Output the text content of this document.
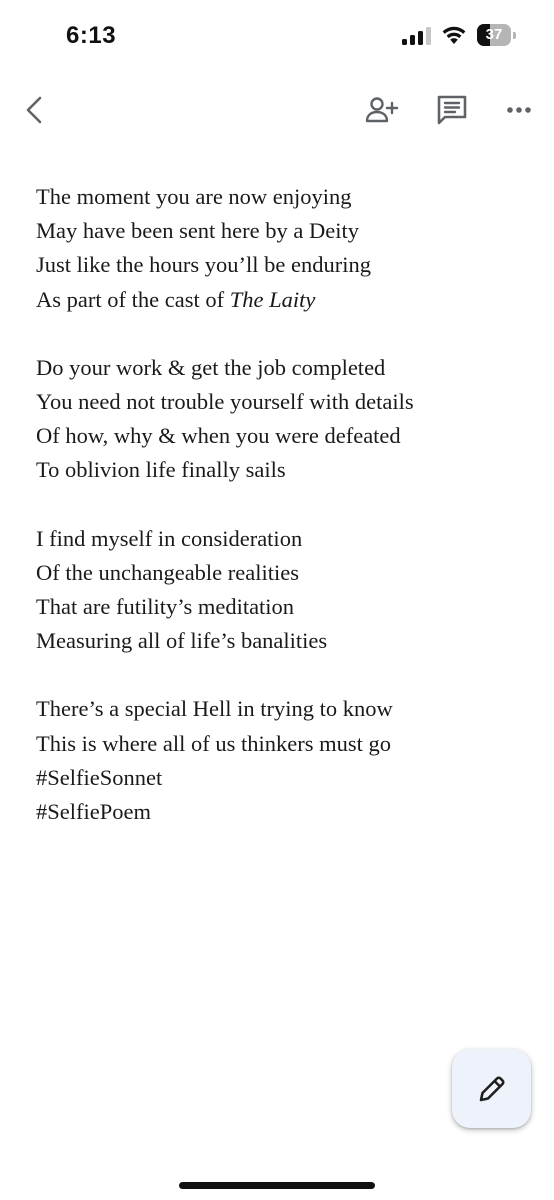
6:13	37
The moment you are now enjoying
May have been sent here by a Deity
Just like the hours you’ll be enduring
As part of the cast of The Laity
Do your work & get the job completed
You need not trouble yourself with details
Of how, why & when you were defeated
To oblivion life finally sails
I find myself in consideration
Of the unchangeable realities
That are futility’s meditation
Measuring all of life’s banalities
There’s a special Hell in trying to know
This is where all of us thinkers must go
#SelfieSonnet
#SelfiePoem
